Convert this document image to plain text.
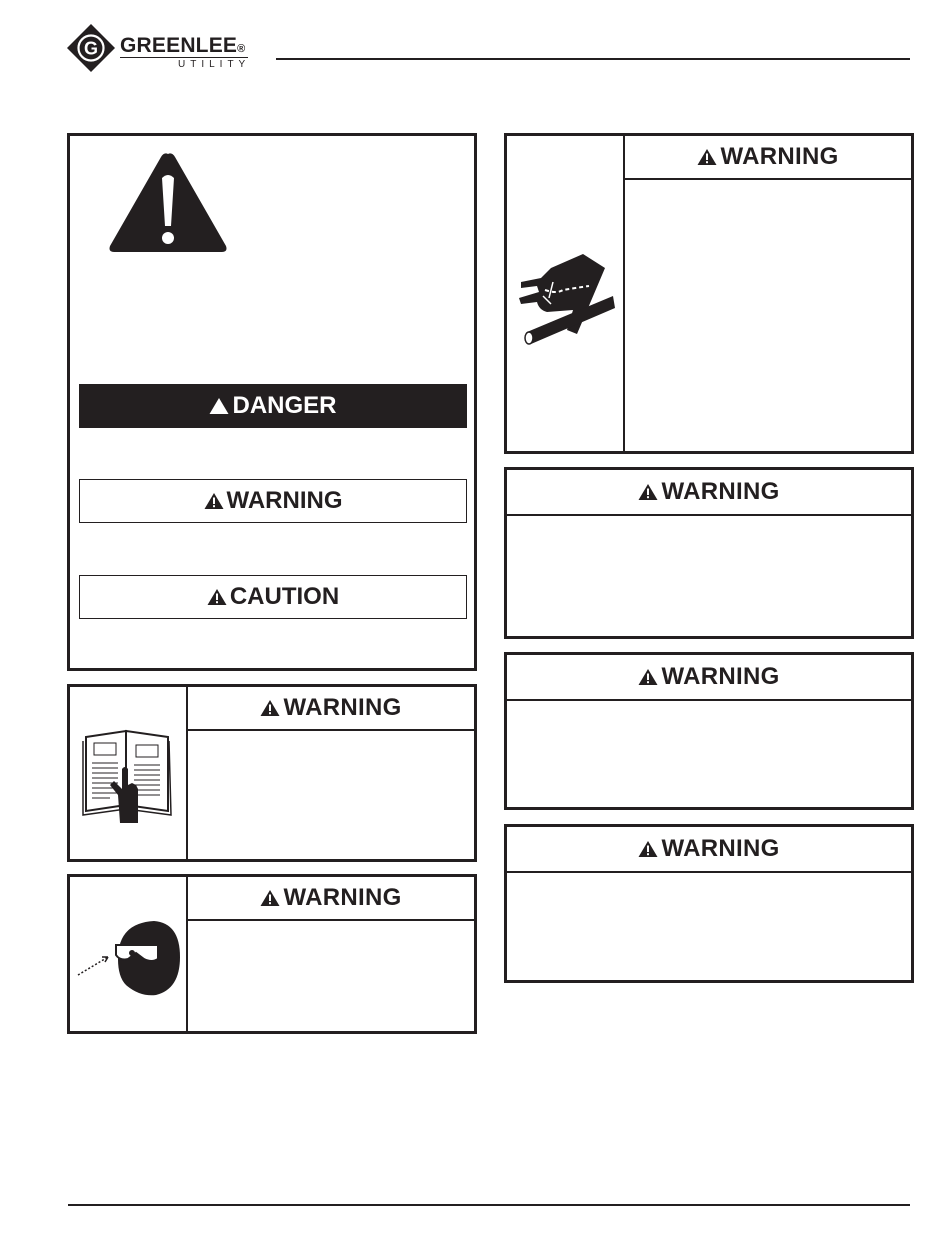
G GREENLEE®
UTILITY
DANGER
WARNING
CAUTION
WARNING
WARNING
WARNING
WARNING
WARNING
WARNING
